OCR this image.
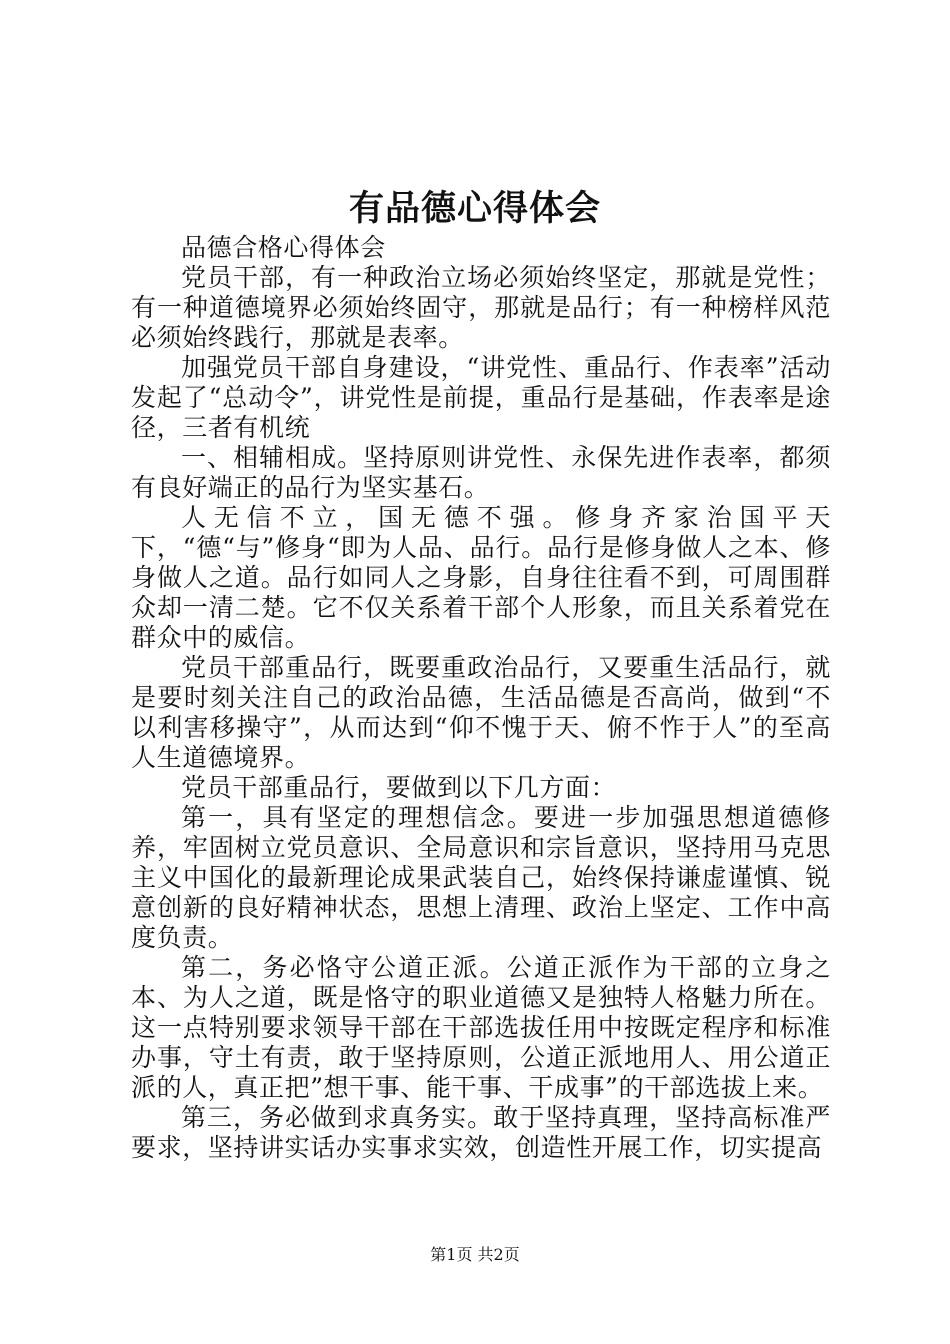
有品德心得体会

品德合格心得体会

党员干部，有一种政治立场必须始终坚定，那就是党性；有一种道德境界必须始终固守，那就是品行；有一种榜样风范必须始终践行，那就是表率。

加强党员干部自身建设，“讲党性、重品行、作表率”活动发起了“总动令”，讲党性是前提，重品行是基础，作表率是途径，三者有机统

一、相辅相成。坚持原则讲党性、永保先进作表率，都须有良好端正的品行为坚实基石。

人无信不立，国无德不强。修身齐家治国平天下，“德“与”修身“即为人品、品行。品行是修身做人之本、修身做人之道。品行如同人之身影，自身往往看不到，可周围群众却一清二楚。它不仅关系着干部个人形象，而且关系着党在群众中的威信。

党员干部重品行，既要重政治品行，又要重生活品行，就是要时刻关注自己的政治品德，生活品德是否高尚，做到“不以利害移操守”，从而达到“仰不愧于天、俯不怍于人”的至高人生道德境界。

党员干部重品行，要做到以下几方面：

第一，具有坚定的理想信念。要进一步加强思想道德修养，牢固树立党员意识、全局意识和宗旨意识，坚持用马克思主义中国化的最新理论成果武装自己，始终保持谦虚谨慎、锐意创新的良好精神状态，思想上清理、政治上坚定、工作中高度负责。

第二，务必恪守公道正派。公道正派作为干部的立身之本、为人之道，既是恪守的职业道德又是独特人格魅力所在。这一点特别要求领导干部在干部选拔任用中按既定程序和标准办事，守土有责，敢于坚持原则，公道正派地用人、用公道正派的人，真正把”想干事、能干事、干成事”的干部选拔上来。

第三，务必做到求真务实。敢于坚持真理，坚持高标准严要求，坚持讲实话办实事求实效，创造性开展工作，切实提高

第1页 共2页
